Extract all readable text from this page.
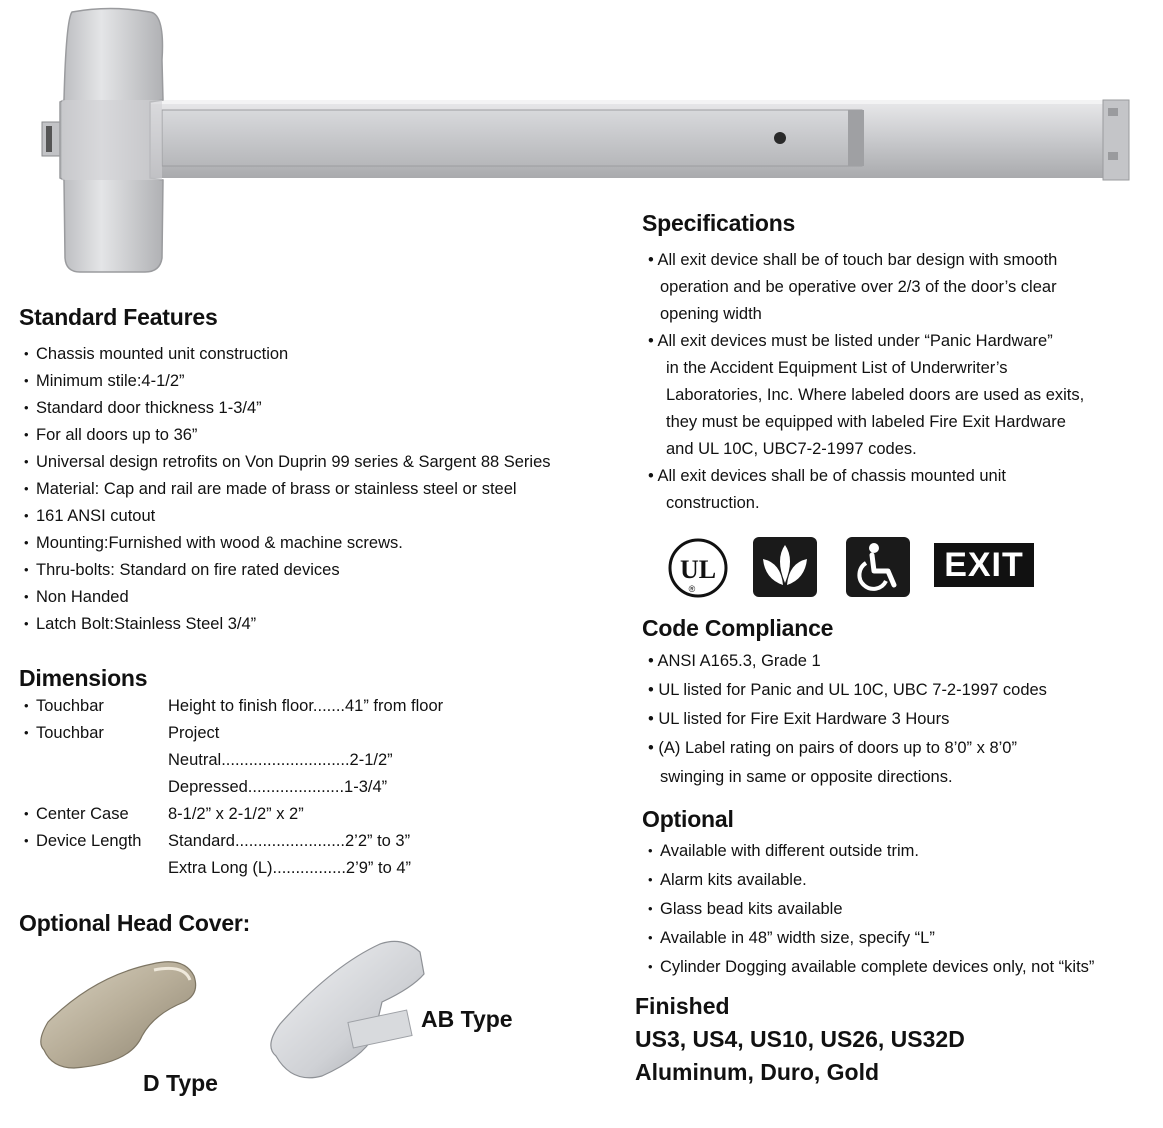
Standard Features
• Chassis mounted unit construction
• Minimum stile:4-1/2”
• Standard door thickness 1-3/4”
• For all doors up to 36”
• Universal design retrofits on Von Duprin 99 series & Sargent 88 Series
• Material: Cap and rail are made of brass or stainless steel or steel
• 161 ANSI cutout
• Mounting:Furnished with wood & machine screws.
• Thru-bolts: Standard on fire rated devices
• Non Handed
• Latch Bolt:Stainless Steel 3/4”
Dimensions
• Touchbar	Height to finish floor.......41” from floor
• Touchbar	Project
Neutral............................2-1/2”
Depressed.....................1-3/4”
• Center Case 8-1/2” x 2-1/2” x 2”
• Device Length Standard........................2’2” to 3”
Extra Long (L)................2’9” to 4”
Optional Head Cover:
D Type
AB Type
Specifications
• All exit device shall be of touch bar design with smooth
operation and be operative over 2/3 of the door’s clear
opening width
• All exit devices must be listed under “Panic Hardware”
in the Accident Equipment List of Underwriter’s
Laboratories, Inc. Where labeled doors are used as exits,
they must be equipped with labeled Fire Exit Hardware
and UL 10C, UBC7-2-1997 codes.
• All exit devices shall be of chassis mounted unit
construction.
UL
®
EXIT
Code Compliance
• ANSI A165.3, Grade 1
• UL listed for Panic and UL 10C, UBC 7-2-1997 codes
• UL listed for Fire Exit Hardware 3 Hours
• (A) Label rating on pairs of doors up to 8’0” x 8’0”
swinging in same or opposite directions.
Optional
• Available with different outside trim.
• Alarm kits available.
• Glass bead kits available
• Available in 48” width size, specify “L”
• Cylinder Dogging available complete devices only, not “kits”
Finished
US3, US4, US10, US26, US32D
Aluminum, Duro, Gold
